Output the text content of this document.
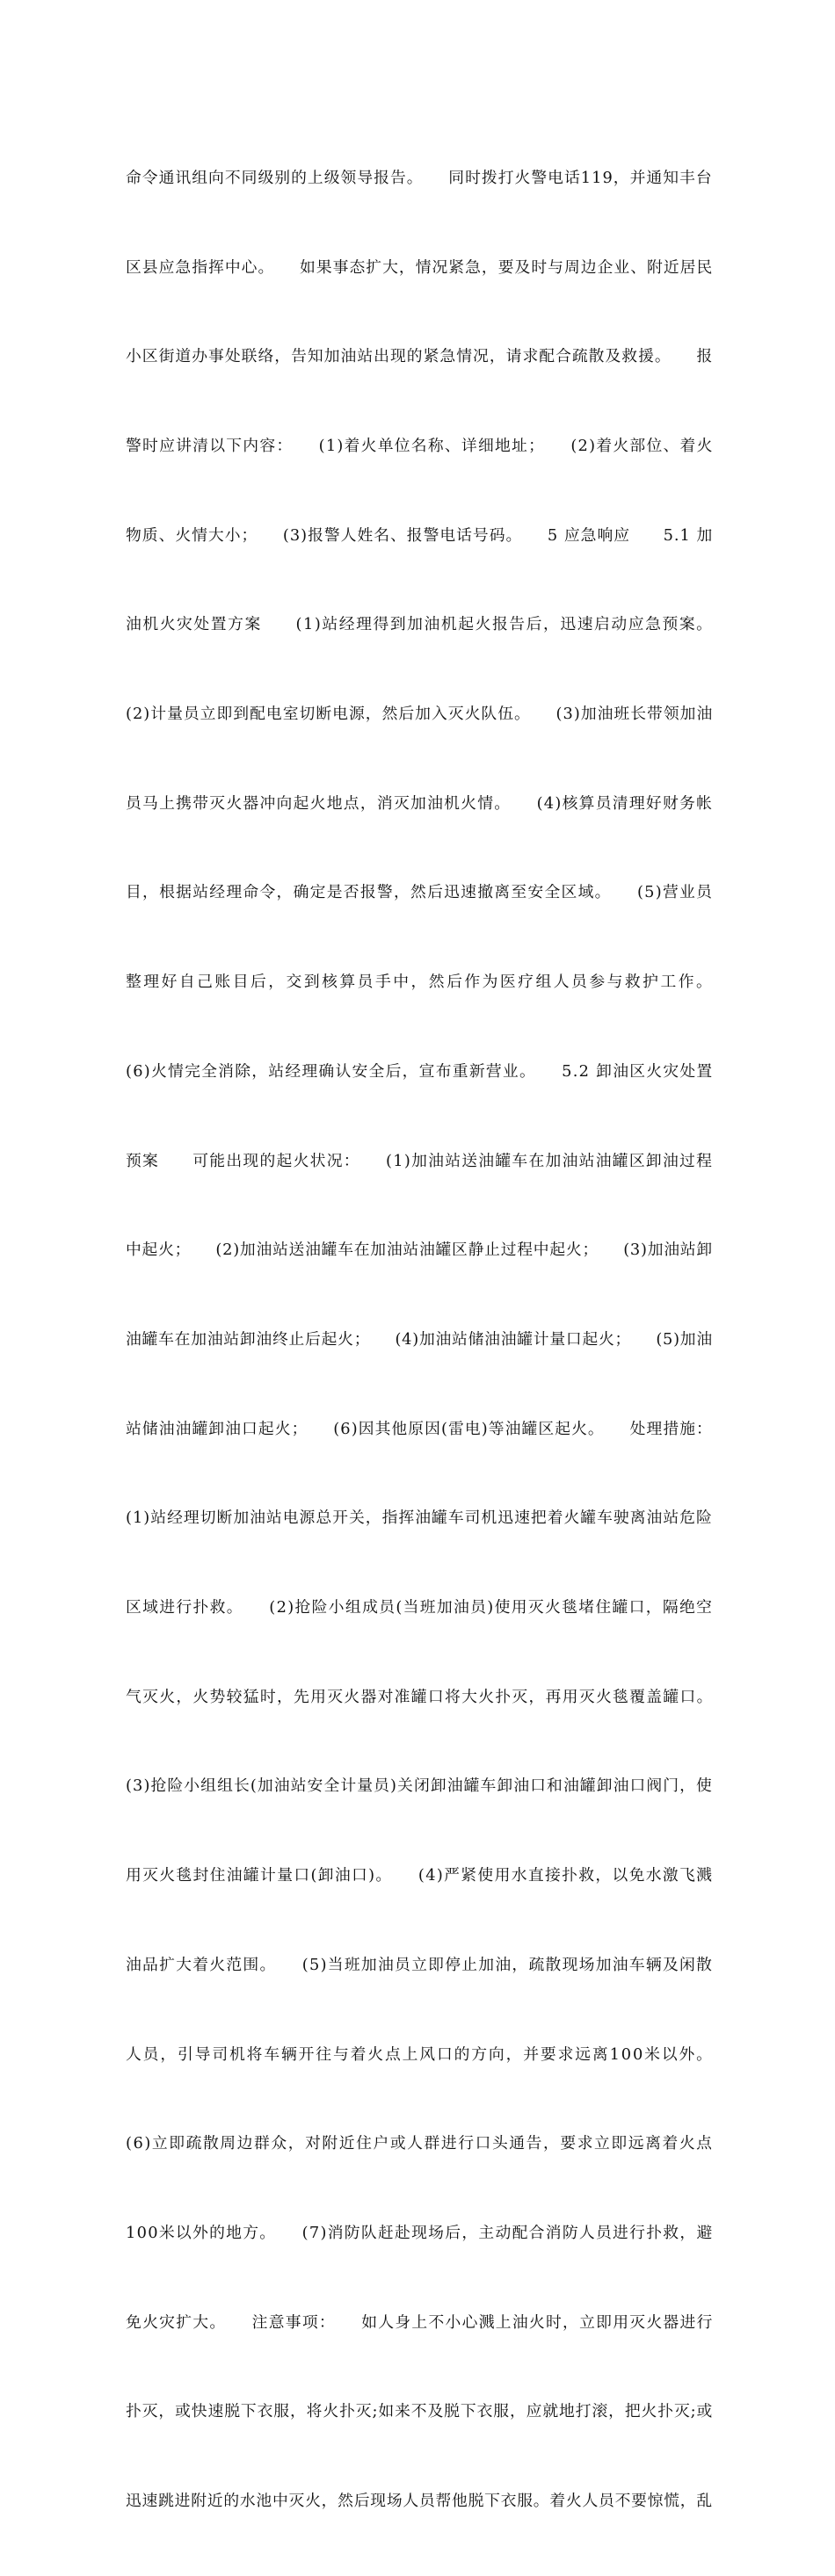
命令通讯组向不同级别的上级领导报告。　　同时拨打火警电话119，并通知丰台

区县应急指挥中心。　　如果事态扩大，情况紧急，要及时与周边企业、附近居民

小区街道办事处联络，告知加油站出现的紧急情况，请求配合疏散及救援。　　报

警时应讲清以下内容：　　(1)着火单位名称、详细地址；　　(2)着火部位、着火

物质、火情大小；　　(3)报警人姓名、报警电话号码。　　5 应急响应　　5.1 加

油机火灾处置方案　　(1)站经理得到加油机起火报告后，迅速启动应急预案。

(2)计量员立即到配电室切断电源，然后加入灭火队伍。　　(3)加油班长带领加油

员马上携带灭火器冲向起火地点，消灭加油机火情。　　(4)核算员清理好财务帐

目，根据站经理命令，确定是否报警，然后迅速撤离至安全区域。　　(5)营业员

整理好自己账目后，交到核算员手中，然后作为医疗组人员参与救护工作。

(6)火情完全消除，站经理确认安全后，宣布重新营业。　　5.2 卸油区火灾处置

预案　　可能出现的起火状况：　　(1)加油站送油罐车在加油站油罐区卸油过程

中起火；　　(2)加油站送油罐车在加油站油罐区静止过程中起火；　　(3)加油站卸

油罐车在加油站卸油终止后起火；　　(4)加油站储油油罐计量口起火；　　(5)加油

站储油油罐卸油口起火；　　(6)因其他原因(雷电)等油罐区起火。　　处理措施：

(1)站经理切断加油站电源总开关，指挥油罐车司机迅速把着火罐车驶离油站危险

区域进行扑救。　　(2)抢险小组成员(当班加油员)使用灭火毯堵住罐口，隔绝空

气灭火，火势较猛时，先用灭火器对准罐口将大火扑灭，再用灭火毯覆盖罐口。

(3)抢险小组组长(加油站安全计量员)关闭卸油罐车卸油口和油罐卸油口阀门，使

用灭火毯封住油罐计量口(卸油口)。　　(4)严紧使用水直接扑救，以免水激飞溅

油品扩大着火范围。　　(5)当班加油员立即停止加油，疏散现场加油车辆及闲散

人员，引导司机将车辆开往与着火点上风口的方向，并要求远离100米以外。

(6)立即疏散周边群众，对附近住户或人群进行口头通告，要求立即远离着火点

100米以外的地方。　　(7)消防队赶赴现场后，主动配合消防人员进行扑救，避

免火灾扩大。　　注意事项：　　如人身上不小心溅上油火时，立即用灭火器进行

扑灭，或快速脱下衣服，将火扑灭;如来不及脱下衣服，应就地打滚，把火扑灭;或

迅速跳进附近的水池中灭火，然后现场人员帮他脱下衣服。着火人员不要惊慌，乱
